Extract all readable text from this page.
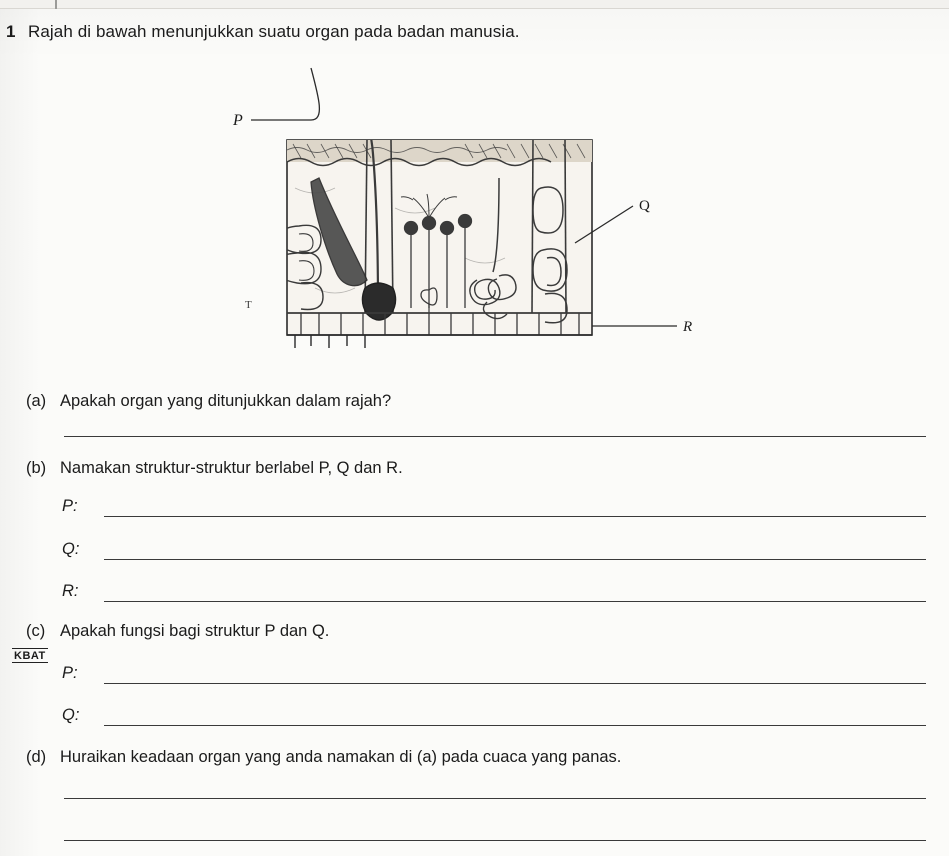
1 Rajah di bawah menunjukkan suatu organ pada badan manusia.
P
Q
R
T
(a) Apakah organ yang ditunjukkan dalam rajah?
(b) Namakan struktur-struktur berlabel P, Q dan R.
P:
Q:
R:
(c) Apakah fungsi bagi struktur P dan Q.
KBAT
P:
Q:
(d) Huraikan keadaan organ yang anda namakan di (a) pada cuaca yang panas.
